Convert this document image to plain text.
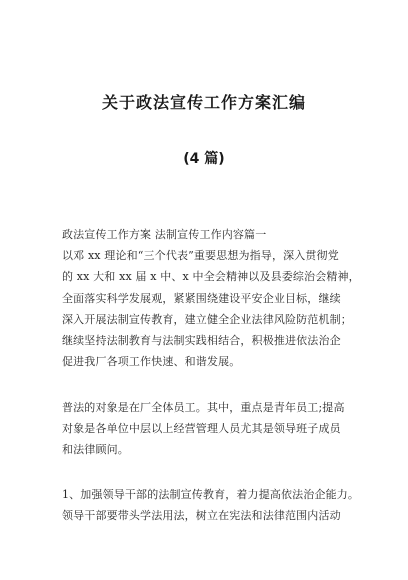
关于政法宣传工作方案汇编
(4 篇)
政法宣传工作方案 法制宣传工作内容篇一
以邓 xx 理论和“三个代表”重要思想为指导，深入贯彻党
的 xx 大和 xx 届 x 中、x 中全会精神以及县委综治会精神，
全面落实科学发展观，紧紧围绕建设平安企业目标，继续
深入开展法制宣传教育，建立健全企业法律风险防范机制；
继续坚持法制教育与法制实践相结合，积极推进依法治企
促进我厂各项工作快速、和谐发展。
普法的对象是在厂全体员工。其中，重点是青年员工;提高
对象是各单位中层以上经营管理人员尤其是领导班子成员
和法律顾问。
1、加强领导干部的法制宣传教育，着力提高依法治企能力。
领导干部要带头学法用法，树立在宪法和法律范围内活动
